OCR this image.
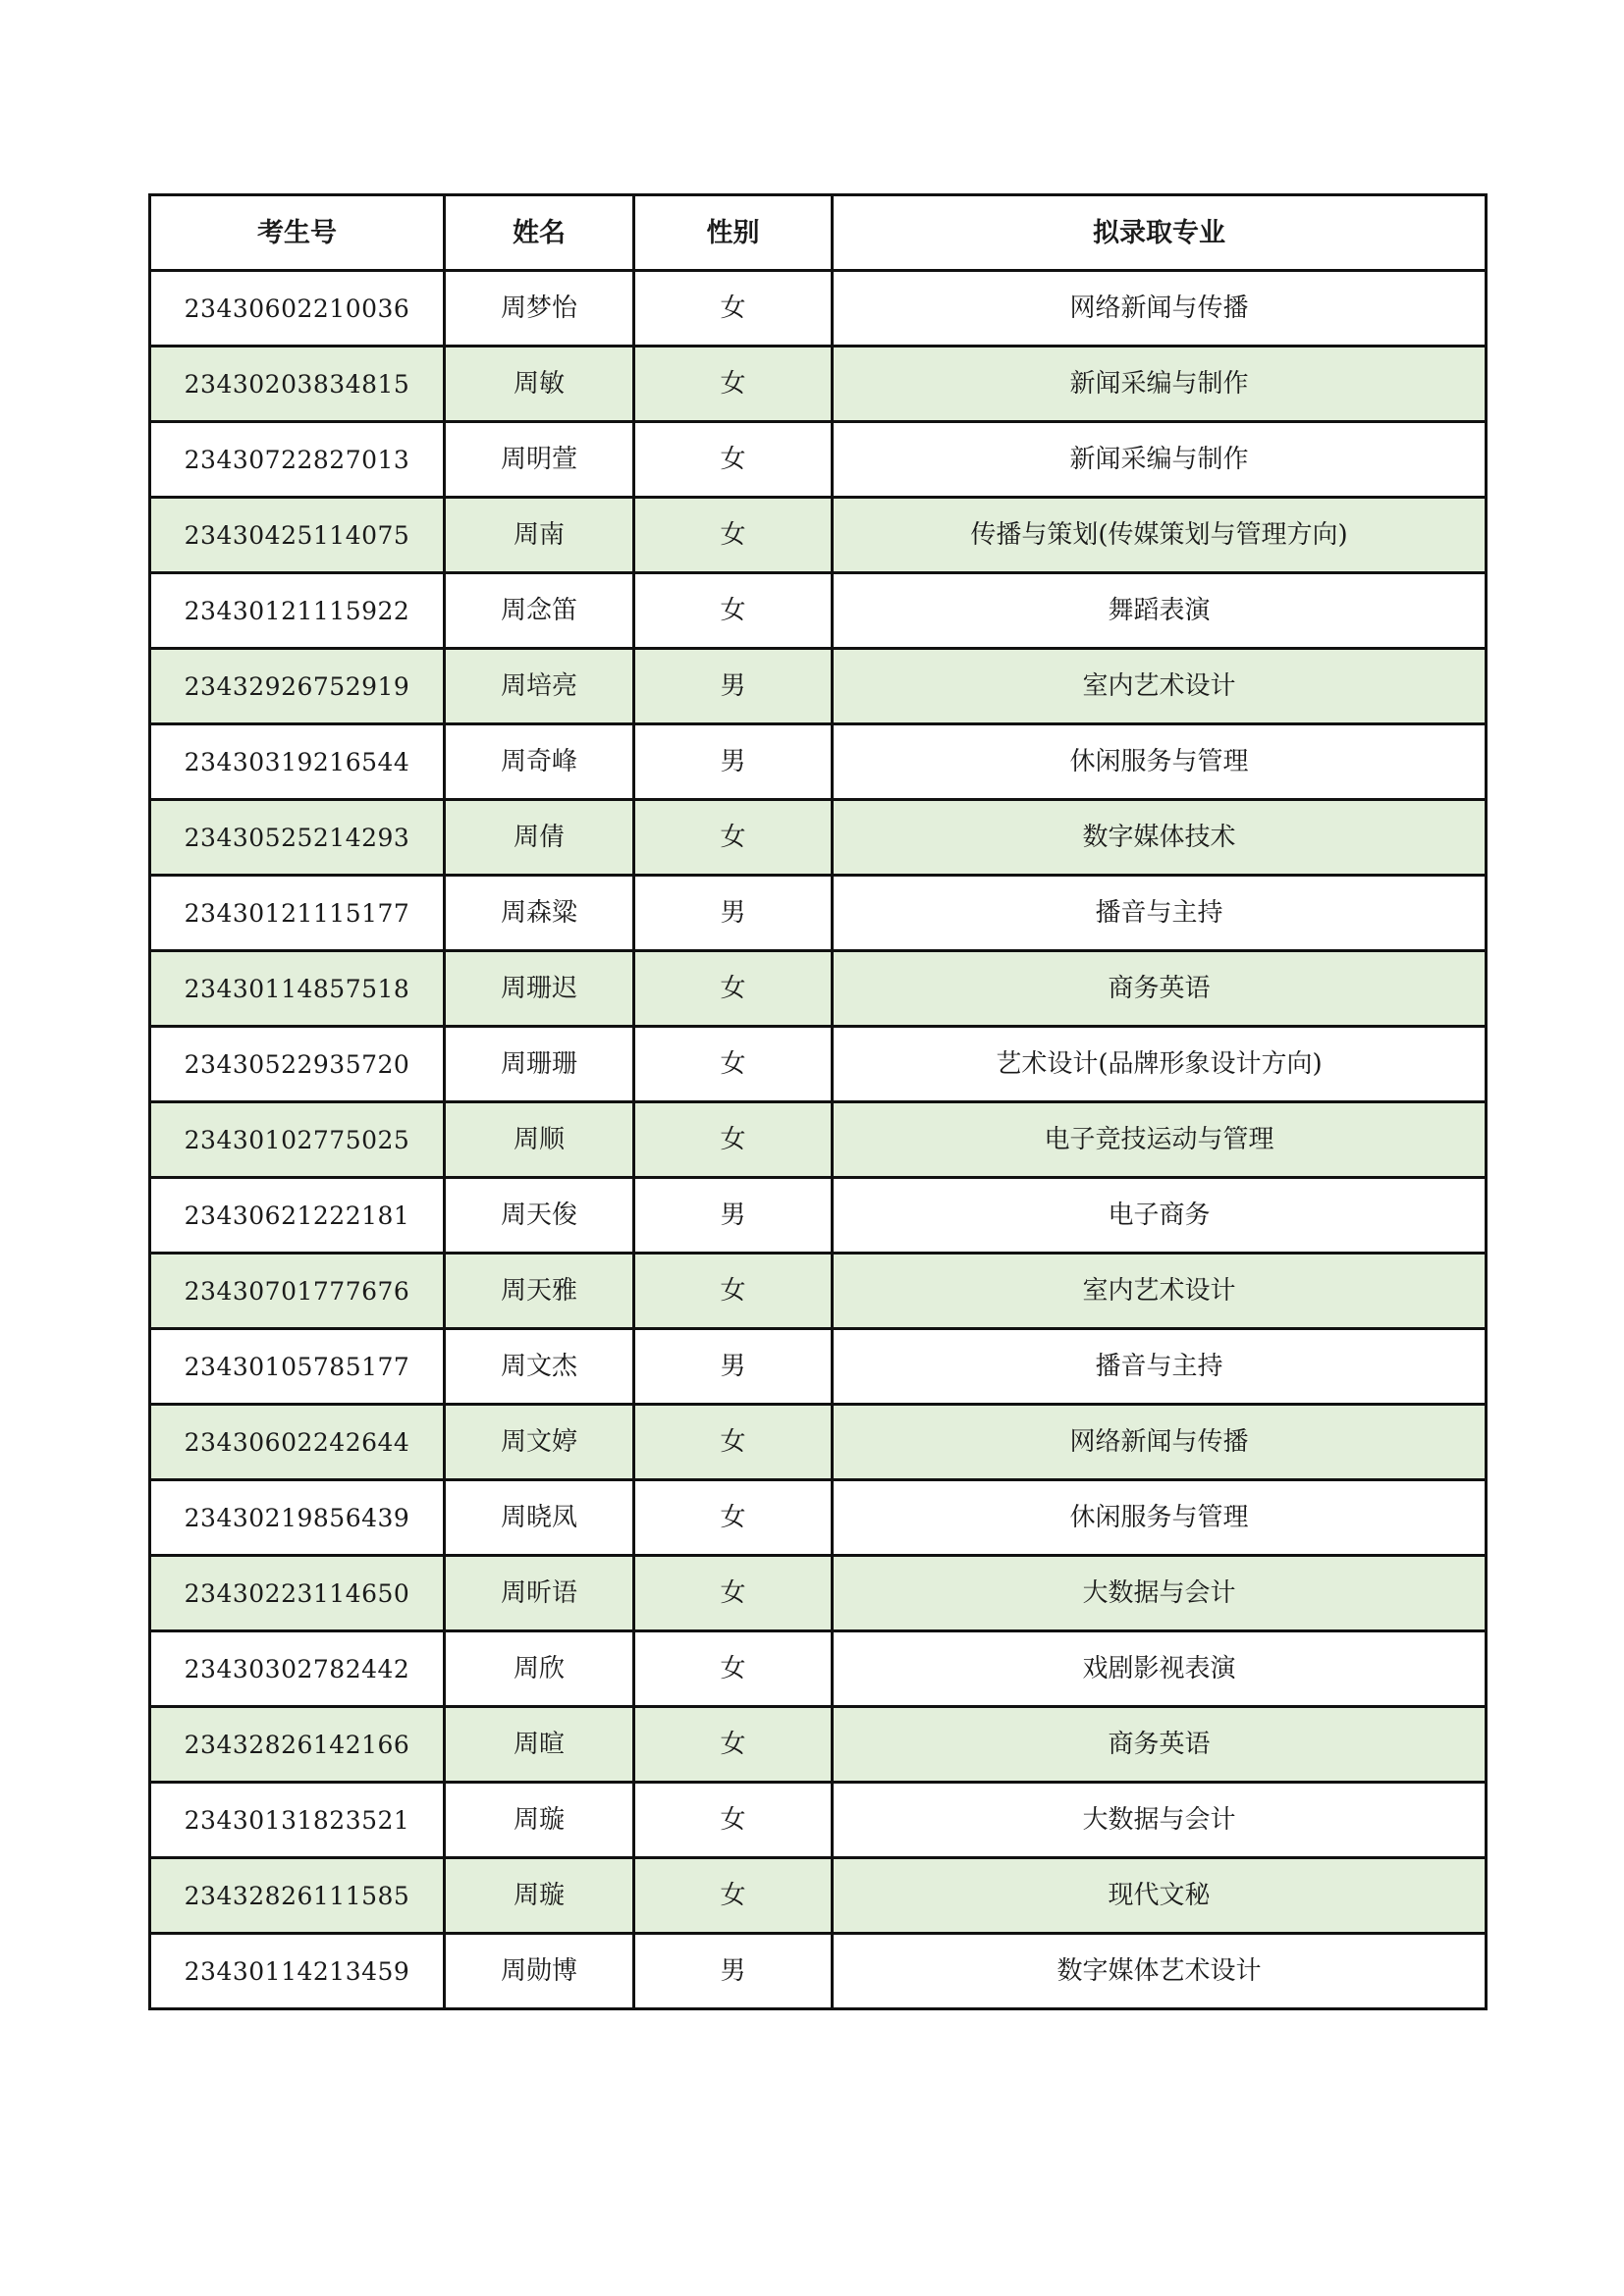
考生号	姓名	性别	拟录取专业
23430602210036	周梦怡	女	网络新闻与传播
23430203834815	周敏	女	新闻采编与制作
23430722827013	周明萱	女	新闻采编与制作
23430425114075	周南	女	传播与策划(传媒策划与管理方向)
23430121115922	周念笛	女	舞蹈表演
23432926752919	周培亮	男	室内艺术设计
23430319216544	周奇峰	男	休闲服务与管理
23430525214293	周倩	女	数字媒体技术
23430121115177	周森粱	男	播音与主持
23430114857518	周珊迟	女	商务英语
23430522935720	周珊珊	女	艺术设计(品牌形象设计方向)
23430102775025	周顺	女	电子竞技运动与管理
23430621222181	周天俊	男	电子商务
23430701777676	周天雅	女	室内艺术设计
23430105785177	周文杰	男	播音与主持
23430602242644	周文婷	女	网络新闻与传播
23430219856439	周晓凤	女	休闲服务与管理
23430223114650	周昕语	女	大数据与会计
23430302782442	周欣	女	戏剧影视表演
23432826142166	周暄	女	商务英语
23430131823521	周璇	女	大数据与会计
23432826111585	周璇	女	现代文秘
23430114213459	周勋博	男	数字媒体艺术设计
